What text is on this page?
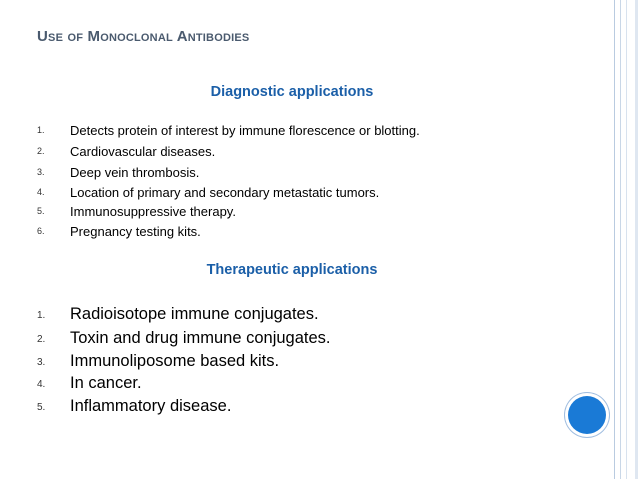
Use of Monoclonal Antibodies
Diagnostic applications
1. Detects protein of interest by immune florescence or blotting.
2. Cardiovascular diseases.
3. Deep vein thrombosis.
4. Location of primary and secondary metastatic tumors.
5. Immunosuppressive therapy.
6. Pregnancy testing kits.
Therapeutic applications
1. Radioisotope immune conjugates.
2. Toxin and drug immune conjugates.
3. Immunoliposome based kits.
4. In cancer.
5. Inflammatory disease.
